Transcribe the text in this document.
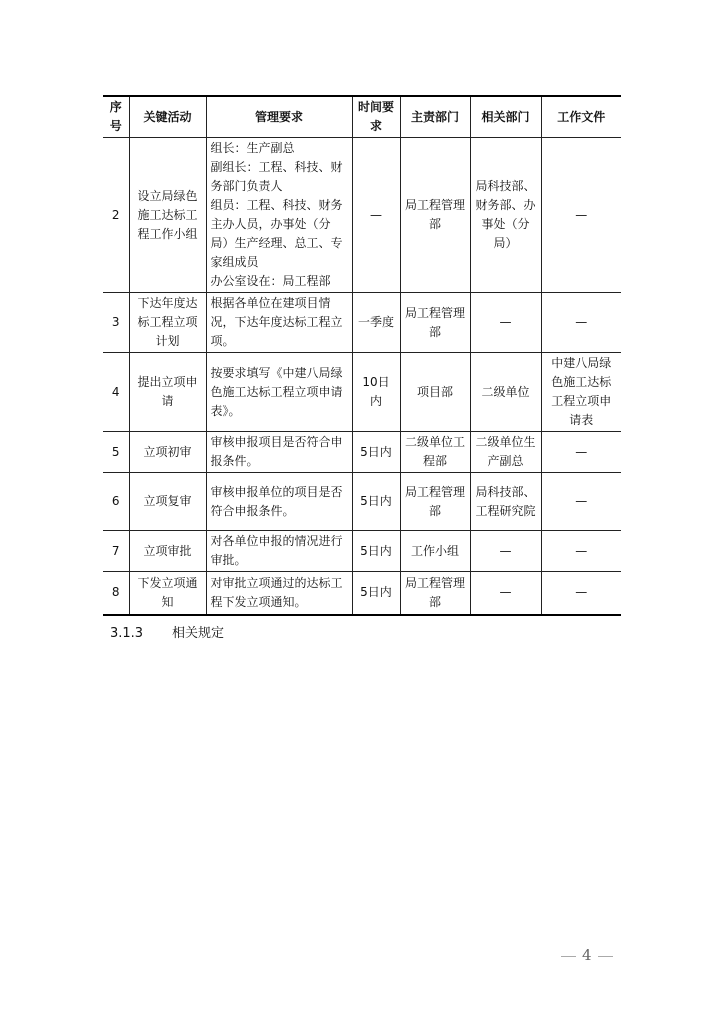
序号	关键活动	管理要求	时间要求	主责部门	相关部门	工作文件
2	设立局绿色施工达标工程工作小组	组长：生产副总
副组长：工程、科技、财务部门负责人
组员：工程、科技、财务主办人员，办事处（分局）生产经理、总工、专家组成员
办公室设在：局工程部	—	局工程管理部	局科技部、财务部、办事处（分局）	—
3	下达年度达标工程立项计划	根据各单位在建项目情况，下达年度达标工程立项。	一季度	局工程管理部	—	—
4	提出立项申请	按要求填写《中建八局绿色施工达标工程立项申请表》。	10日内	项目部	二级单位	中建八局绿色施工达标工程立项申请表
5	立项初审	审核申报项目是否符合申报条件。	5日内	二级单位工程部	二级单位生产副总	—
6	立项复审	审核申报单位的项目是否符合申报条件。	5日内	局工程管理部	局科技部、工程研究院	—
7	立项审批	对各单位申报的情况进行审批。	5日内	工作小组	—	—
8	下发立项通知	对审批立项通过的达标工程下发立项通知。	5日内	局工程管理部	—	—
3.1.3 相关规定
4
